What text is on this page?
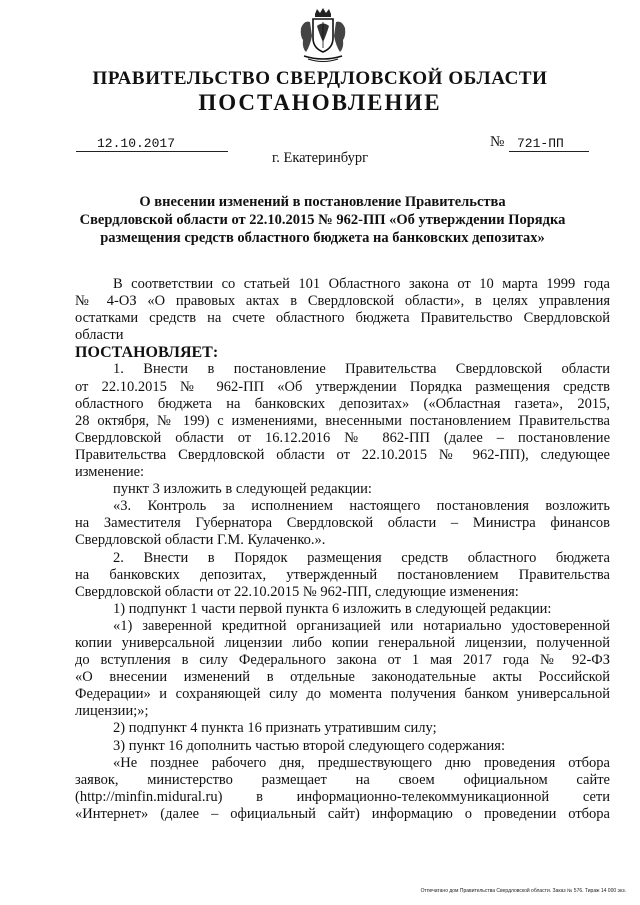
ПРАВИТЕЛЬСТВО СВЕРДЛОВСКОЙ ОБЛАСТИ
ПОСТАНОВЛЕНИЕ
12.10.2017	№ 721-ПП
г. Екатеринбург
О внесении изменений в постановление Правительства
Свердловской области от 22.10.2015 № 962-ПП «Об утверждении Порядка
размещения средств областного бюджета на банковских депозитах»
В соответствии со статьей 101 Областного закона от 10 марта 1999 года
№ 4-ОЗ «О правовых актах в Свердловской области», в целях управления
остатками средств на счете областного бюджета Правительство Свердловской
области
ПОСТАНОВЛЯЕТ:
1. Внести в постановление Правительства Свердловской области
от 22.10.2015 № 962-ПП «Об утверждении Порядка размещения средств
областного бюджета на банковских депозитах» («Областная газета», 2015,
28 октября, № 199) с изменениями, внесенными постановлением Правительства
Свердловской области от 16.12.2016 № 862-ПП (далее – постановление
Правительства Свердловской области от 22.10.2015 № 962-ПП), следующее
изменение:
пункт 3 изложить в следующей редакции:
«3. Контроль за исполнением настоящего постановления возложить
на Заместителя Губернатора Свердловской области – Министра финансов
Свердловской области Г.М. Кулаченко.».
2. Внести в Порядок размещения средств областного бюджета
на банковских депозитах, утвержденный постановлением Правительства
Свердловской области от 22.10.2015 № 962-ПП, следующие изменения:
1) подпункт 1 части первой пункта 6 изложить в следующей редакции:
«1) заверенной кредитной организацией или нотариально удостоверенной
копии универсальной лицензии либо копии генеральной лицензии, полученной
до вступления в силу Федерального закона от 1 мая 2017 года № 92-ФЗ
«О внесении изменений в отдельные законодательные акты Российской
Федерации» и сохраняющей силу до момента получения банком универсальной
лицензии;»;
2) подпункт 4 пункта 16 признать утратившим силу;
3) пункт 16 дополнить частью второй следующего содержания:
«Не позднее рабочего дня, предшествующего дню проведения отбора
заявок, министерство размещает на своем официальном сайте
(http://minfin.midural.ru) в информационно-телекоммуникационной сети
«Интернет» (далее – официальный сайт) информацию о проведении отбора
Отпечатано дом Правительства Свердловской области. Заказ № 576. Тираж 14 000 экз.
